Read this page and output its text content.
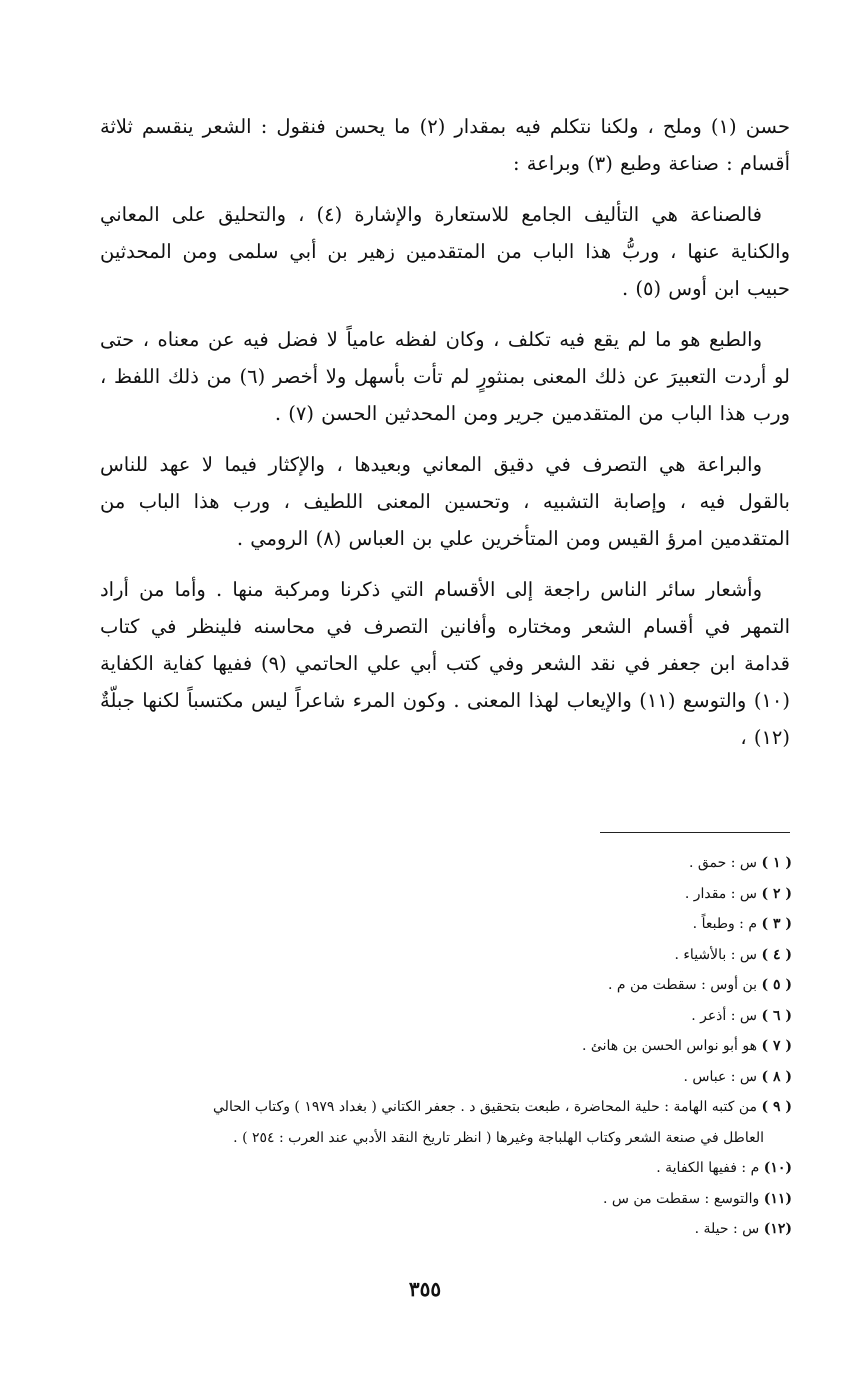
حسن (١) وملح ، ولكنا نتكلم فيه بمقدار (٢) ما يحسن فنقول : الشعر ينقسم ثلاثة أقسام : صناعة وطبع (٣) وبراعة :

فالصناعة هي التأليف الجامع للاستعارة والإشارة (٤) ، والتحليق على المعاني والكناية عنها ، وربُّ هذا الباب من المتقدمين زهير بن أبي سلمى ومن المحدثين حبيب ابن أوس (٥) .

والطبع هو ما لم يقع فيه تكلف ، وكان لفظه عامياً لا فضل فيه عن معناه ، حتى لو أردت التعبيرَ عن ذلك المعنى بمنثورٍ لم تأت بأسهل ولا أخصر (٦) من ذلك اللفظ ، ورب هذا الباب من المتقدمين جرير ومن المحدثين الحسن (٧) .

والبراعة هي التصرف في دقيق المعاني وبعيدها ، والإكثار فيما لا عهد للناس بالقول فيه ، وإصابة التشبيه ، وتحسين المعنى اللطيف ، ورب هذا الباب من المتقدمين امرؤ القيس ومن المتأخرين علي بن العباس (٨) الرومي .

وأشعار سائر الناس راجعة إلى الأقسام التي ذكرنا ومركبة منها . وأما من أراد التمهر في أقسام الشعر ومختاره وأفانين التصرف في محاسنه فلينظر في كتاب قدامة ابن جعفر في نقد الشعر وفي كتب أبي علي الحاتمي (٩) ففيها كفاية الكفاية (١٠) والتوسع (١١) والإيعاب لهذا المعنى . وكون المرء شاعراً ليس مكتسباً لكنها جبلّةٌ (١٢) ،

( ١ ) س : حمق .
( ٢ ) س : مقدار .
( ٣ ) م : وطبعاً .
( ٤ ) س : بالأشياء .
( ٥ ) بن أوس : سقطت من م .
( ٦ ) س : أذعر .
( ٧ ) هو أبو نواس الحسن بن هانئ .
( ٨ ) س : عباس .
( ٩ ) من كتبه الهامة : حلية المحاضرة ، طبعت بتحقيق د . جعفر الكتاني ( بغداد ١٩٧٩ ) وكتاب الحالي
العاطل في صنعة الشعر وكتاب الهلباجة وغيرها ( انظر تاريخ النقد الأدبي عند العرب : ٢٥٤ ) .
(١٠) م : ففيها الكفاية .
(١١) والتوسع : سقطت من س .
(١٢) س : حيلة .
٣٥٥
